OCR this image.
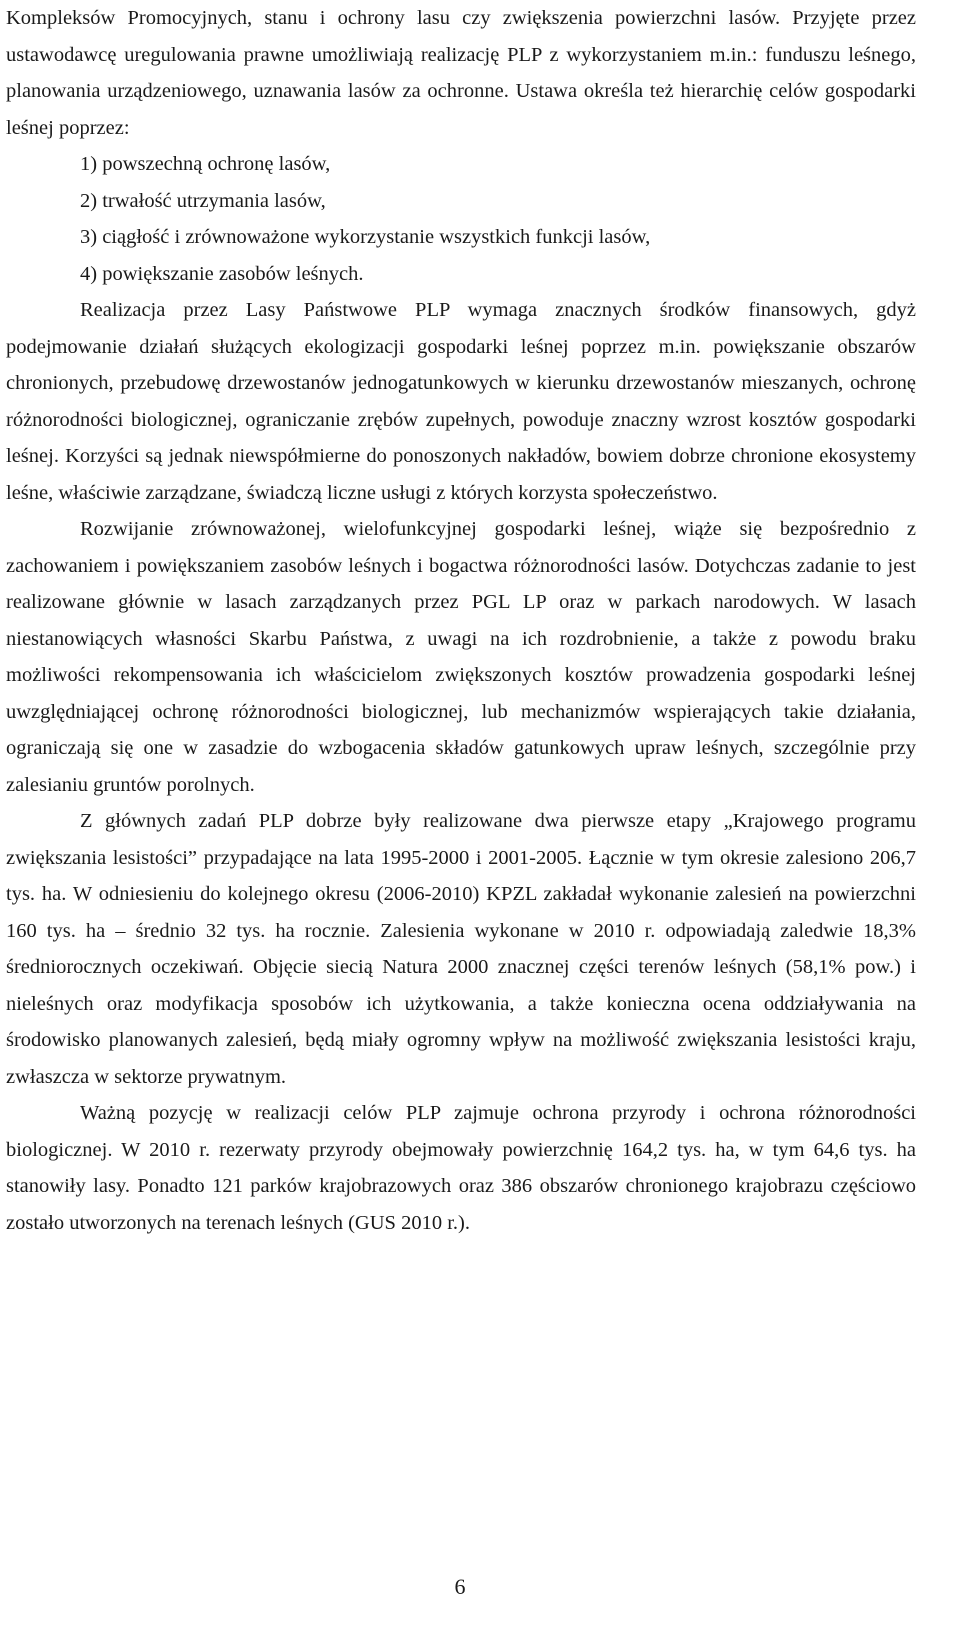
Kompleksów Promocyjnych, stanu i ochrony lasu czy zwiększenia powierzchni lasów. Przyjęte przez ustawodawcę uregulowania prawne umożliwiają realizację PLP z wykorzystaniem m.in.: funduszu leśnego, planowania urządzeniowego, uznawania lasów za ochronne. Ustawa określa też hierarchię celów gospodarki leśnej poprzez:

1) powszechną ochronę lasów,
2) trwałość utrzymania lasów,
3) ciągłość i zrównoważone wykorzystanie wszystkich funkcji lasów,
4) powiększanie zasobów leśnych.

Realizacja przez Lasy Państwowe PLP wymaga znacznych środków finansowych, gdyż podejmowanie działań służących ekologizacji gospodarki leśnej poprzez m.in. powiększanie obszarów chronionych, przebudowę drzewostanów jednogatunkowych w kierunku drzewostanów mieszanych, ochronę różnorodności biologicznej, ograniczanie zrębów zupełnych, powoduje znaczny wzrost kosztów gospodarki leśnej. Korzyści są jednak niewspółmierne do ponoszonych nakładów, bowiem dobrze chronione ekosystemy leśne, właściwie zarządzane, świadczą liczne usługi z których korzysta społeczeństwo.

Rozwijanie zrównoważonej, wielofunkcyjnej gospodarki leśnej, wiąże się bezpośrednio z zachowaniem i powiększaniem zasobów leśnych i bogactwa różnorodności lasów. Dotychczas zadanie to jest realizowane głównie w lasach zarządzanych przez PGL LP oraz w parkach narodowych. W lasach niestanowiących własności Skarbu Państwa, z uwagi na ich rozdrobnienie, a także z powodu braku możliwości rekompensowania ich właścicielom zwiększonych kosztów prowadzenia gospodarki leśnej uwzględniającej ochronę różnorodności biologicznej, lub mechanizmów wspierających takie działania, ograniczają się one w zasadzie do wzbogacenia składów gatunkowych upraw leśnych, szczególnie przy zalesianiu gruntów porolnych.

Z głównych zadań PLP dobrze były realizowane dwa pierwsze etapy „Krajowego programu zwiększania lesistości” przypadające na lata 1995-2000 i 2001-2005. Łącznie w tym okresie zalesiono 206,7 tys. ha. W odniesieniu do kolejnego okresu (2006-2010) KPZL zakładał wykonanie zalesień na powierzchni 160 tys. ha – średnio 32 tys. ha rocznie. Zalesienia wykonane w 2010 r. odpowiadają zaledwie 18,3% średniorocznych oczekiwań. Objęcie siecią Natura 2000 znacznej części terenów leśnych (58,1% pow.) i nieleśnych oraz modyfikacja sposobów ich użytkowania, a także konieczna ocena oddziaływania na środowisko planowanych zalesień, będą miały ogromny wpływ na możliwość zwiększania lesistości kraju, zwłaszcza w sektorze prywatnym.

Ważną pozycję w realizacji celów PLP zajmuje ochrona przyrody i ochrona różnorodności biologicznej. W 2010 r. rezerwaty przyrody obejmowały powierzchnię 164,2 tys. ha, w tym 64,6 tys. ha stanowiły lasy. Ponadto 121 parków krajobrazowych oraz 386 obszarów chronionego krajobrazu częściowo zostało utworzonych na terenach leśnych (GUS 2010 r.).

6
